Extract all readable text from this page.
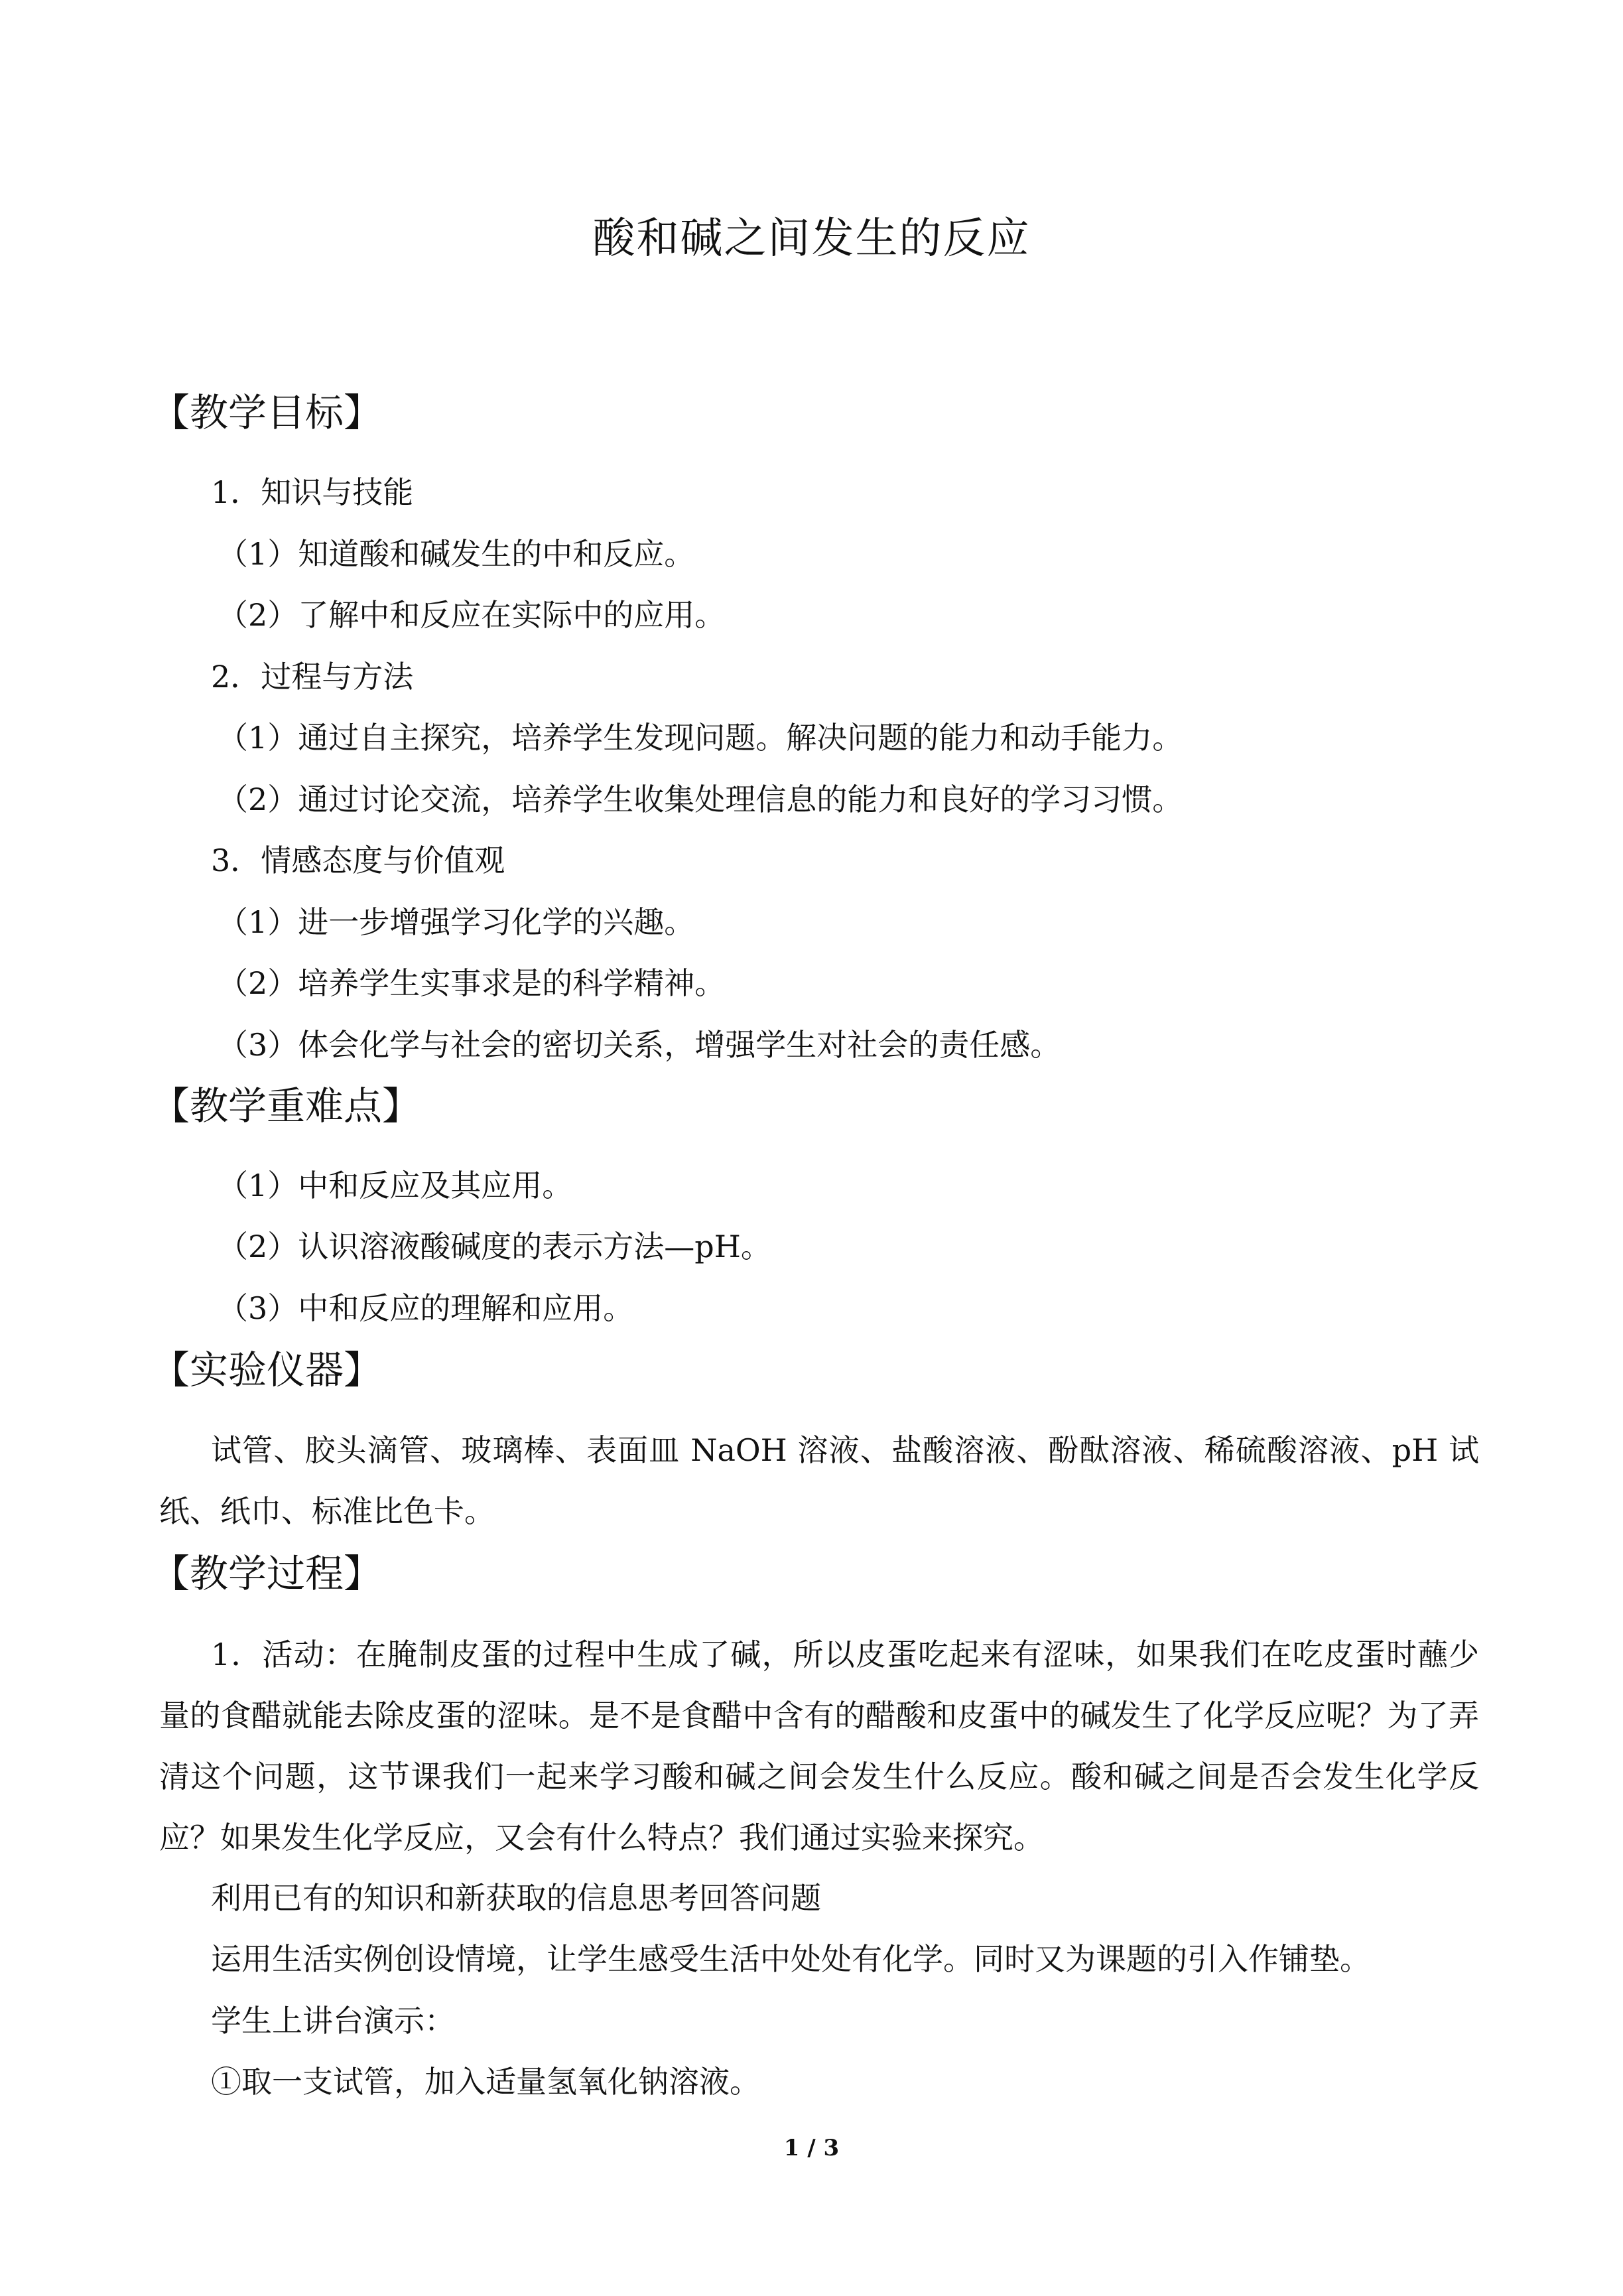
酸和碱之间发生的反应
【教学目标】
1．知识与技能
（1）知道酸和碱发生的中和反应。
（2）了解中和反应在实际中的应用。
2．过程与方法
（1）通过自主探究，培养学生发现问题。解决问题的能力和动手能力。
（2）通过讨论交流，培养学生收集处理信息的能力和良好的学习习惯。
3．情感态度与价值观
（1）进一步增强学习化学的兴趣。
（2）培养学生实事求是的科学精神。
（3）体会化学与社会的密切关系，增强学生对社会的责任感。
【教学重难点】
（1）中和反应及其应用。
（2）认识溶液酸碱度的表示方法—pH。
（3）中和反应的理解和应用。
【实验仪器】
试管、胶头滴管、玻璃棒、表面皿 NaOH 溶液、盐酸溶液、酚酞溶液、稀硫酸溶液、pH 试纸、纸巾、标准比色卡。
【教学过程】
1．活动：在腌制皮蛋的过程中生成了碱，所以皮蛋吃起来有涩味，如果我们在吃皮蛋时蘸少量的食醋就能去除皮蛋的涩味。是不是食醋中含有的醋酸和皮蛋中的碱发生了化学反应呢？为了弄清这个问题，这节课我们一起来学习酸和碱之间会发生什么反应。酸和碱之间是否会发生化学反应？如果发生化学反应，又会有什么特点？我们通过实验来探究。
利用已有的知识和新获取的信息思考回答问题
运用生活实例创设情境，让学生感受生活中处处有化学。同时又为课题的引入作铺垫。
学生上讲台演示：
①取一支试管，加入适量氢氧化钠溶液。
1 / 3
